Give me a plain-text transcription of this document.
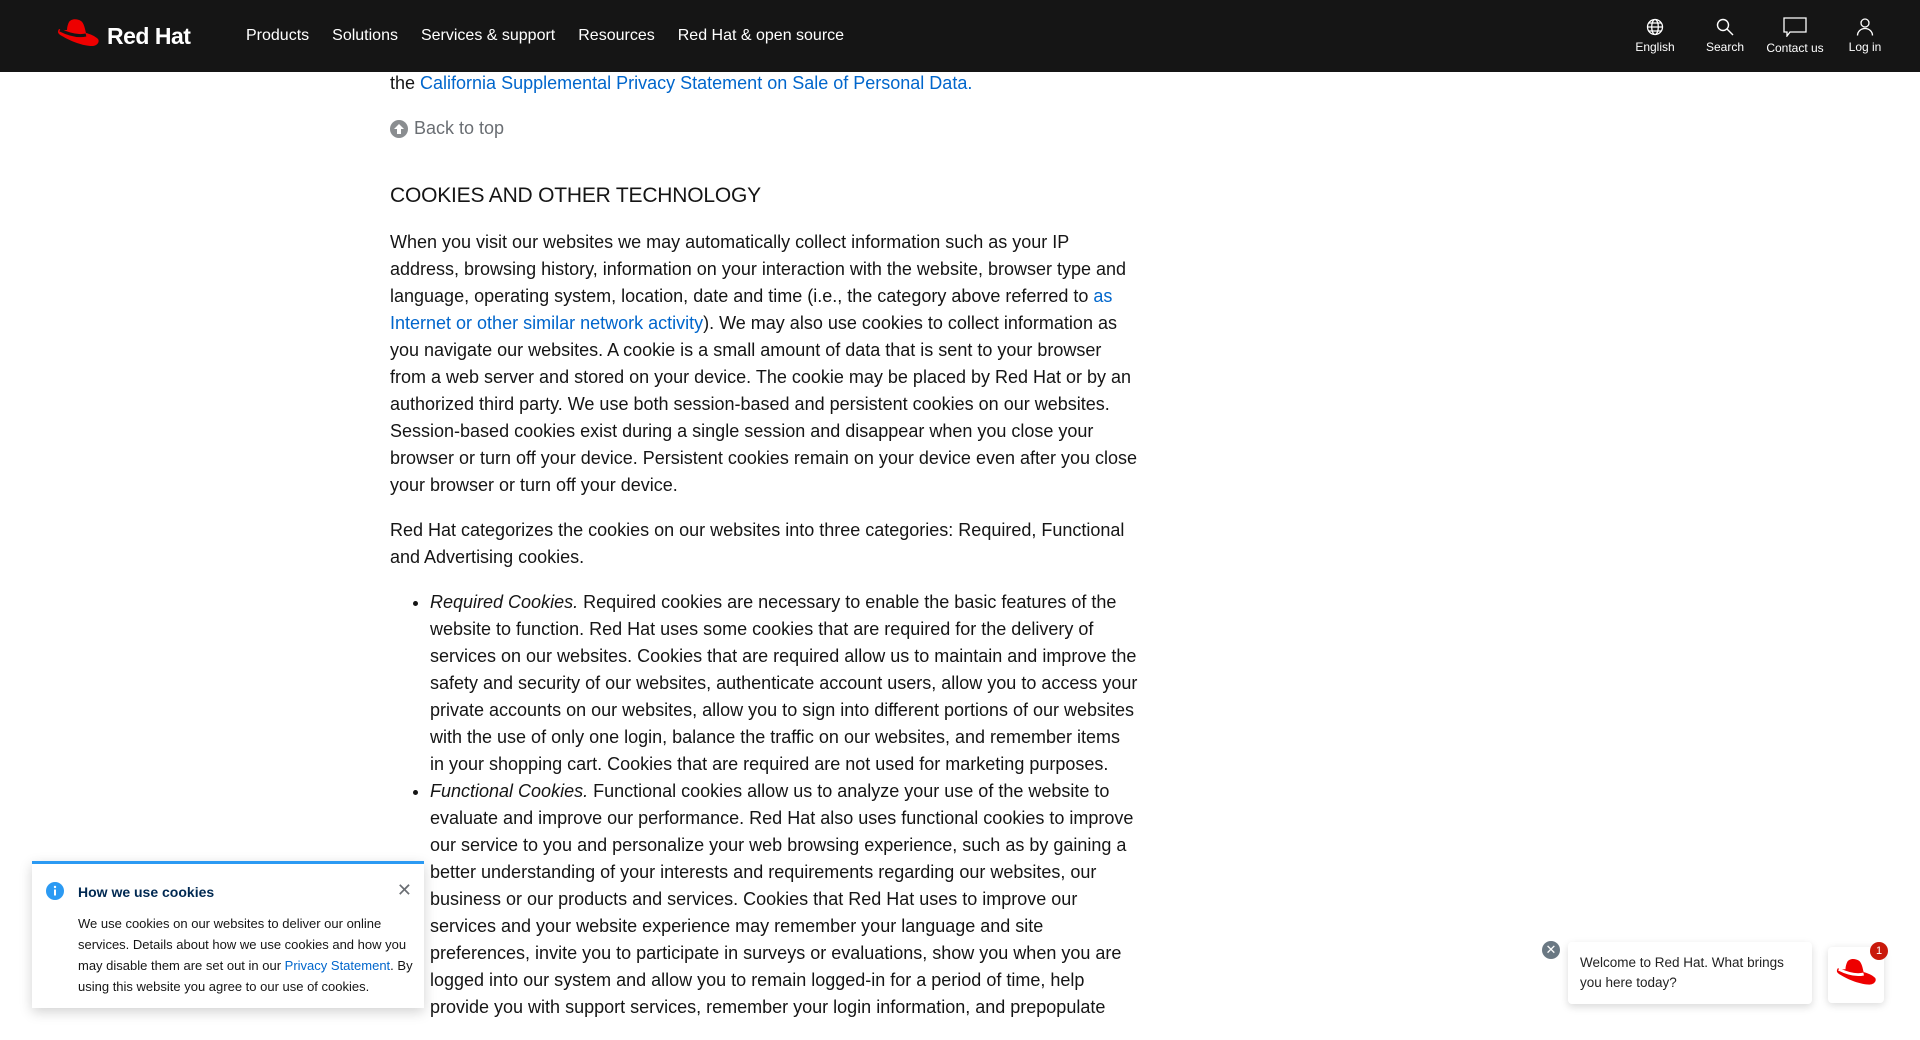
Red Hat	Products Solutions Services & support Resources Red Hat & open source
English	Search Contact us Log in
the California Supplemental Privacy Statement on Sale of Personal Data.
Back to top
COOKIES AND OTHER TECHNOLOGY

When you visit our websites we may automatically collect information such as your IP address, browsing history, information on your interaction with the website, browser type and language, operating system, location, date and time (i.e., the category above referred to as Internet or other similar network activity). We may also use cookies to collect information as you navigate our websites. A cookie is a small amount of data that is sent to your browser from a web server and stored on your device. The cookie may be placed by Red Hat or by an authorized third party. We use both session-based and persistent cookies on our websites. Session-based cookies exist during a single session and disappear when you close your browser or turn off your device. Persistent cookies remain on your device even after you close your browser or turn off your device.

Red Hat categorizes the cookies on our websites into three categories: Required, Functional and Advertising cookies.

• Required Cookies. Required cookies are necessary to enable the basic features of the website to function. Red Hat uses some cookies that are required for the delivery of services on our websites. Cookies that are required allow us to maintain and improve the safety and security of our websites, authenticate account users, allow you to access your private accounts on our websites, allow you to sign into different portions of our websites with the use of only one login, balance the traffic on our websites, and remember items in your shopping cart. Cookies that are required are not used for marketing purposes.
• Functional Cookies. Functional cookies allow us to analyze your use of the website to evaluate and improve our performance. Red Hat also uses functional cookies to improve our service to you and personalize your web browsing experience, such as by gaining a better understanding of your interests and requirements regarding our websites, our business or our products and services. Cookies that Red Hat uses to improve our services and your website experience may remember your language and site preferences, invite you to participate in surveys or evaluations, show you when you are logged into our system and allow you to remain logged-in for a period of time, help provide you with support services, remember your login information, and prepopulate
How we use cookies	✕
We use cookies on our websites to deliver our online services. Details about how we use cookies and how you may disable them are set out in our Privacy Statement. By using this website you agree to our use of cookies.
✕
Welcome to Red Hat. What brings you here today?
1
